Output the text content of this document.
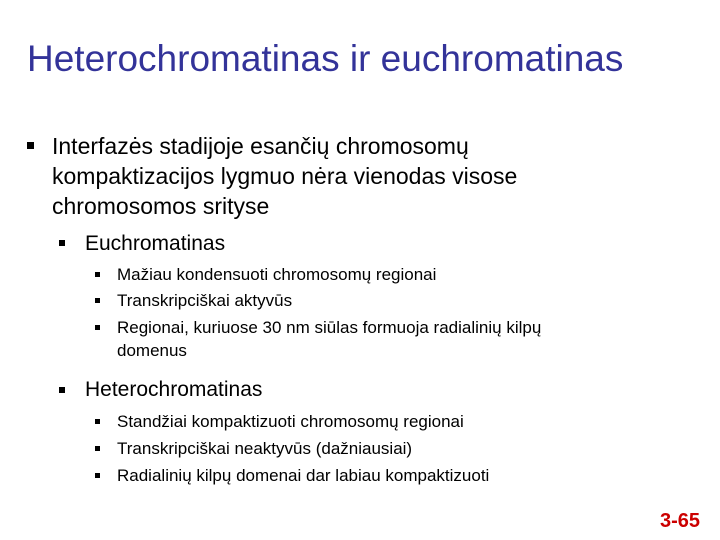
Heterochromatinas ir euchromatinas
Interfazės stadijoje esančių chromosomų
kompaktizacijos lygmuo nėra vienodas visose
chromosomos srityse
Euchromatinas
Mažiau kondensuoti chromosomų regionai
Transkripciškai aktyvūs
Regionai, kuriuose 30 nm siūlas formuoja radialinių kilpų
domenus
Heterochromatinas
Standžiai kompaktizuoti chromosomų regionai
Transkripciškai neaktyvūs (dažniausiai)
Radialinių kilpų domenai dar labiau kompaktizuoti
3-65
